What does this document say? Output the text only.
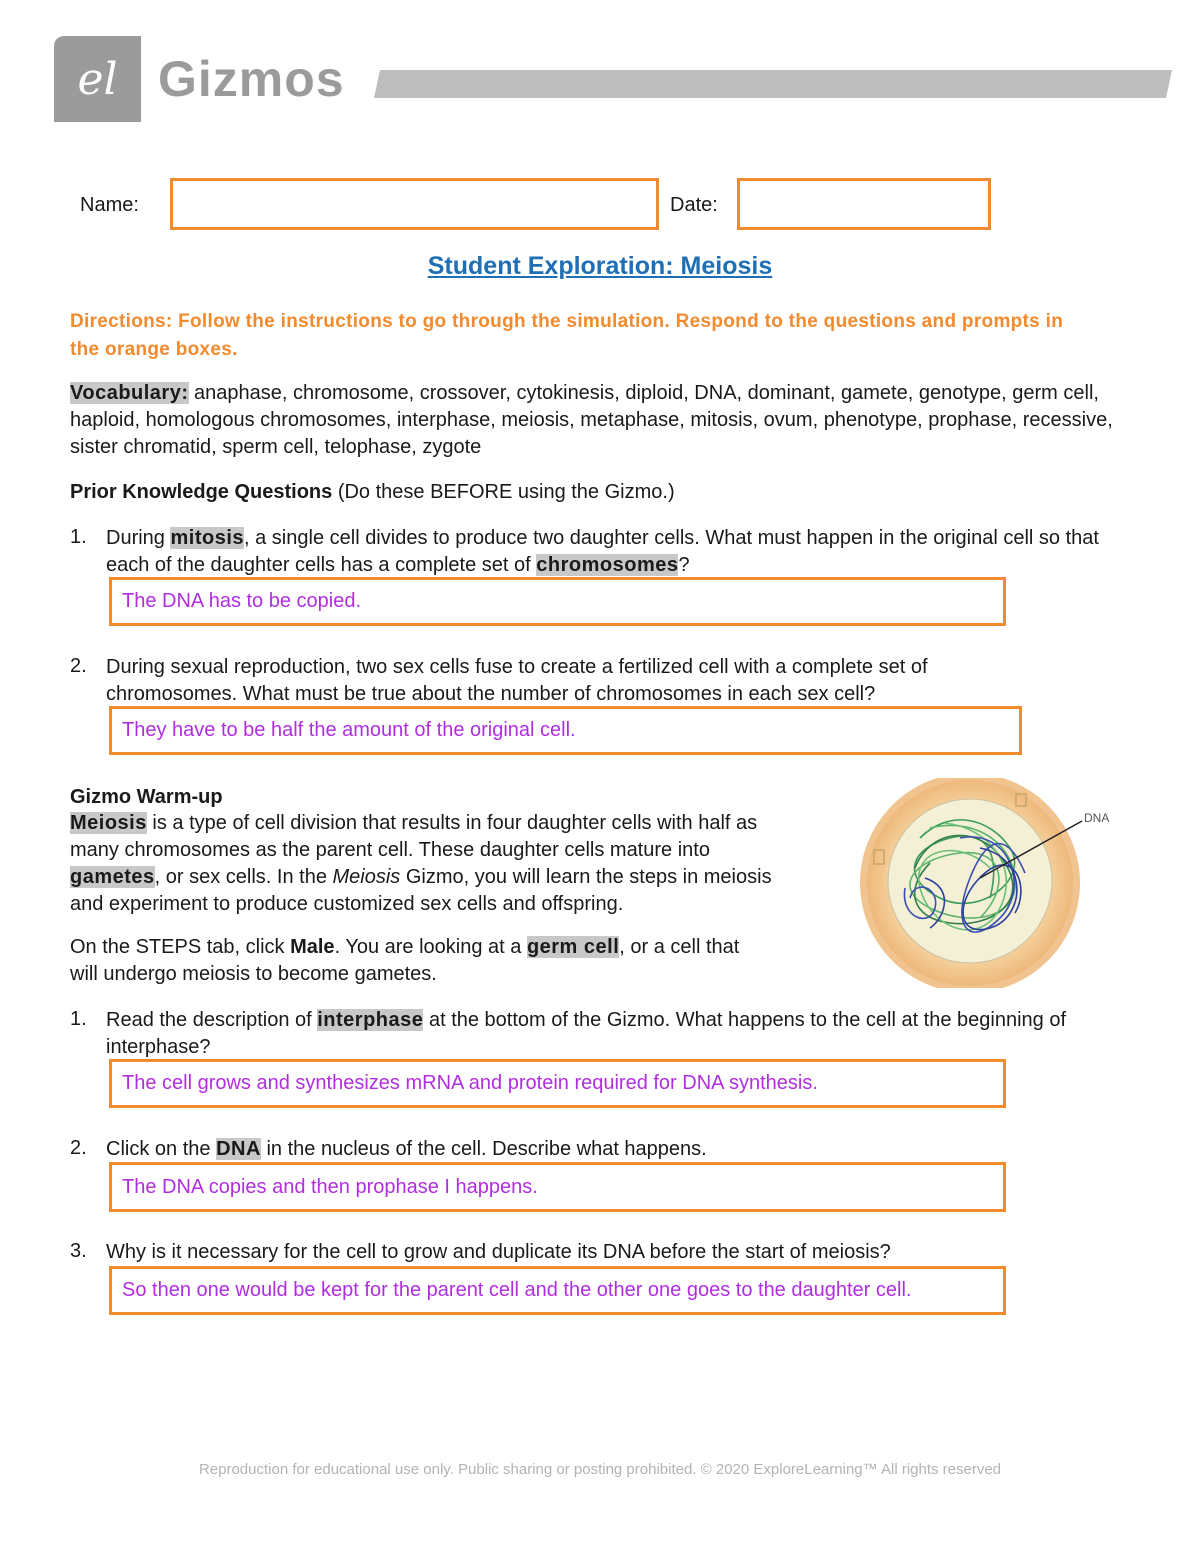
el Gizmos
Name:	Date:
Student Exploration: Meiosis
Directions: Follow the instructions to go through the simulation. Respond to the questions and prompts in the orange boxes.
Vocabulary: anaphase, chromosome, crossover, cytokinesis, diploid, DNA, dominant, gamete, genotype, germ cell, haploid, homologous chromosomes, interphase, meiosis, metaphase, mitosis, ovum, phenotype, prophase, recessive, sister chromatid, sperm cell, telophase, zygote
Prior Knowledge Questions (Do these BEFORE using the Gizmo.)
1. During mitosis, a single cell divides to produce two daughter cells. What must happen in the original cell so that each of the daughter cells has a complete set of chromosomes?
The DNA has to be copied.
2. During sexual reproduction, two sex cells fuse to create a fertilized cell with a complete set of chromosomes. What must be true about the number of chromosomes in each sex cell?
They have to be half the amount of the original cell.
Gizmo Warm-up
Meiosis is a type of cell division that results in four daughter cells with half as many chromosomes as the parent cell. These daughter cells mature into gametes, or sex cells. In the Meiosis Gizmo, you will learn the steps in meiosis and experiment to produce customized sex cells and offspring.
On the STEPS tab, click Male. You are looking at a germ cell, or a cell that will undergo meiosis to become gametes.
DNA
1. Read the description of interphase at the bottom of the Gizmo. What happens to the cell at the beginning of interphase?
The cell grows and synthesizes mRNA and protein required for DNA synthesis.
2. Click on the DNA in the nucleus of the cell. Describe what happens.
The DNA copies and then prophase I happens.
3. Why is it necessary for the cell to grow and duplicate its DNA before the start of meiosis?
So then one would be kept for the parent cell and the other one goes to the daughter cell.
Reproduction for educational use only. Public sharing or posting prohibited. © 2020 ExploreLearning™ All rights reserved
